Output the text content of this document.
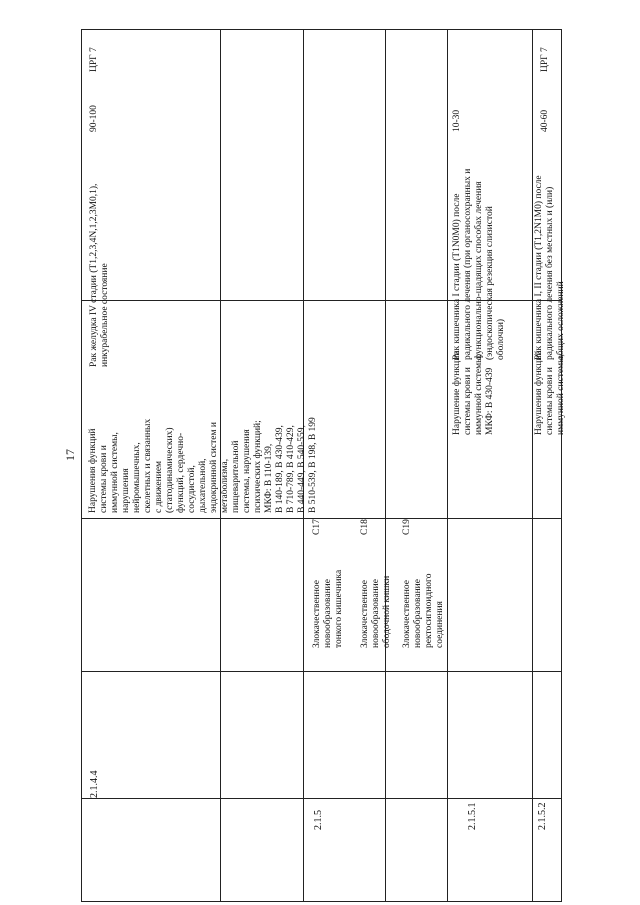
17
2.1.4.4
Нарушения функций
системы крови и
иммунной системы,
нарушения
нейромышечных,
скелетных и связанных
с движением
(статодинамических)
функций, сердечно-
сосудистой,
дыхательной,
эндокринной систем и
метаболизма,
пищеварительной
системы, нарушения
психических функций;
МКФ: В 110-139,
В 140-189, В 430-439,
В 710-789, В 410-429,
В 440-449, В 540-559,
В 510-539, В 198, В 199
Рак желудка IV стадии (T1,2,3,4N,1,2,3M0,1),
инкурабельное состояние
90-100
ЦРГ 7
2.1.5
Злокачественное
новообразование
тонкого кишечника
C17
Злокачественное
новообразование
ободочной кишки
C18
Злокачественное
новообразование
ректосигмоидного
соединения
C19
2.1.5.1
Нарушение функции
системы крови и
иммунной системы;
МКФ: В 430-439
Рак кишечника I стадии (T1N0M0) после
радикального лечения (при органосохранных и
функционально-щадящих способах лечения
(эндоскопическая резекция слизистой
оболочки)
10-30
2.1.5.2
Нарушения функций
системы крови и
иммунной системы,
Рак кишечника I, II стадии (T1,2N1M0) после
радикального лечения без местных и (или)
общих осложнений
40-60
ЦРГ 7
